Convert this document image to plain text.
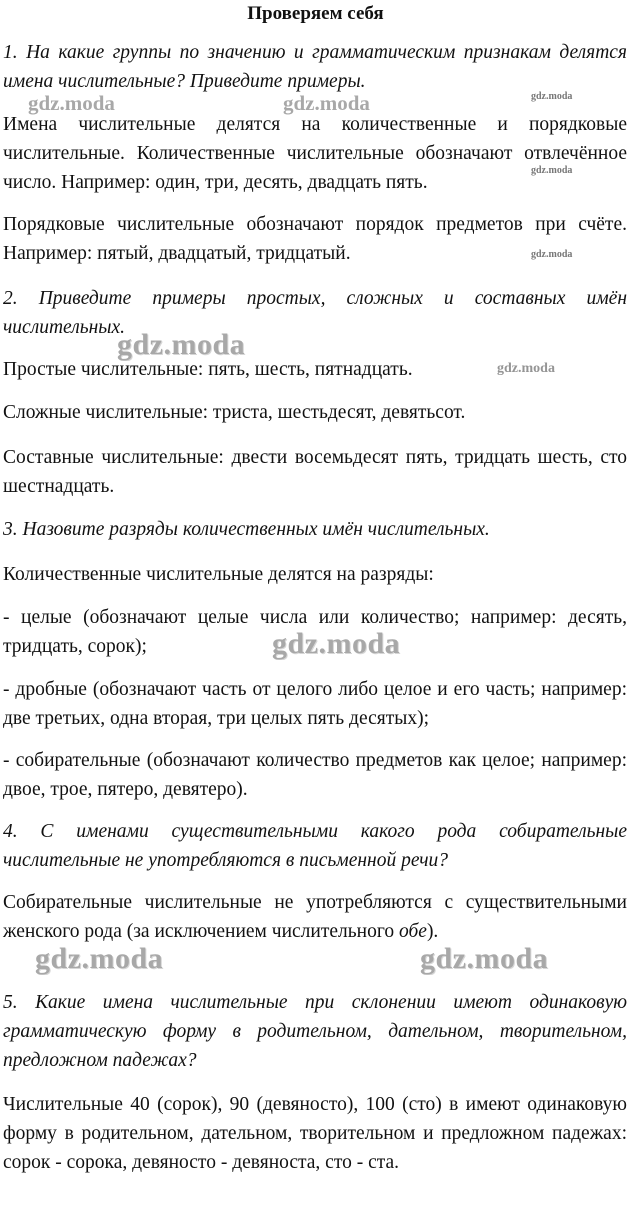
Проверяем себя

1. На какие группы по значению и грамматическим признакам делятся имена числительные? Приведите примеры.

Имена числительные делятся на количественные и порядковые числительные. Количественные числительные обозначают отвлечённое число. Например: один, три, десять, двадцать пять.

Порядковые числительные обозначают порядок предметов при счёте. Например: пятый, двадцатый, тридцатый.

2. Приведите примеры простых, сложных и составных имён числительных.

Простые числительные: пять, шесть, пятнадцать.

Сложные числительные: триста, шестьдесят, девятьсот.

Составные числительные: двести восемьдесят пять, тридцать шесть, сто шестнадцать.

3. Назовите разряды количественных имён числительных.

Количественные числительные делятся на разряды:

- целые (обозначают целые числа или количество; например: десять, тридцать, сорок);

- дробные (обозначают часть от целого либо целое и его часть; например: две третьих, одна вторая, три целых пять десятых);

- собирательные (обозначают количество предметов как целое; например: двое, трое, пятеро, девятеро).

4. С именами существительными какого рода собирательные числительные не употребляются в письменной речи?

Собирательные числительные не употребляются с существительными женского рода (за исключением числительного обе).

5. Какие имена числительные при склонении имеют одинаковую грамматическую форму в родительном, дательном, творительном, предложном падежах?

Числительные 40 (сорок), 90 (девяносто), 100 (сто) в имеют одинаковую форму в родительном, дательном, творительном и предложном падежах: сорок - сорока, девяносто - девяноста, сто - ста.

gdz.moda	gdz.moda	gdz.moda
gdz.moda
gdz.moda
gdz.moda
gdz.moda
gdz.moda
gdz.moda	gdz.moda
